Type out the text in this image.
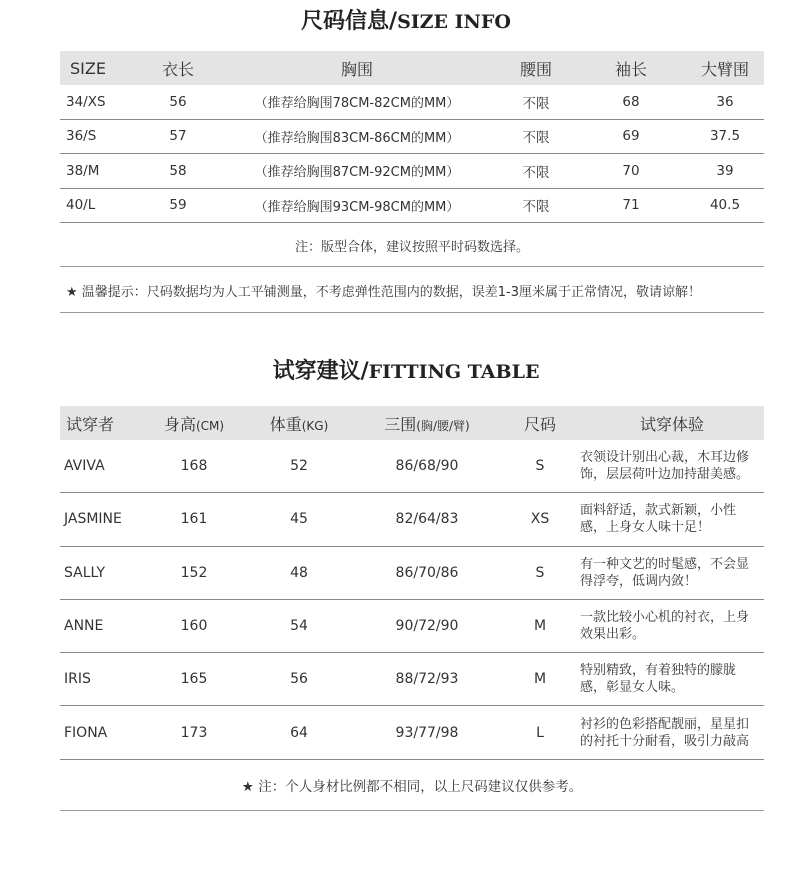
尺码信息/SIZE INFO
SIZE	衣长	胸围	腰围	袖长	大臂围
34/XS	56	（推荐给胸围78CM-82CM的MM）	不限	68	36
36/S	57	（推荐给胸围83CM-86CM的MM）	不限	69	37.5
38/M	58	（推荐给胸围87CM-92CM的MM）	不限	70	39
40/L	59	（推荐给胸围93CM-98CM的MM）	不限	71	40.5
注：版型合体，建议按照平时码数选择。
★ 温馨提示：尺码数据均为人工平铺测量，不考虑弹性范围内的数据，误差1-3厘米属于正常情况，敬请谅解！
试穿建议/FITTING TABLE
试穿者	身高(CM)	体重(KG)	三围(胸/腰/臂)	尺码	试穿体验
AVIVA	168	52	86/68/90	S	衣领设计别出心裁，木耳边修饰，层层荷叶边加持甜美感。
JASMINE	161	45	82/64/83	XS	面料舒适，款式新颖，小性感，上身女人味十足！
SALLY	152	48	86/70/86	S	有一种文艺的时髦感，不会显得浮夸，低调内敛！
ANNE	160	54	90/72/90	M	一款比较小心机的衬衣，上身效果出彩。
IRIS	165	56	88/72/93	M	特别精致，有着独特的朦胧感，彰显女人味。
FIONA	173	64	93/77/98	L	衬衫的色彩搭配靓丽，星星扣的衬托十分耐看，吸引力敲高
★ 注：个人身材比例都不相同，以上尺码建议仅供参考。
